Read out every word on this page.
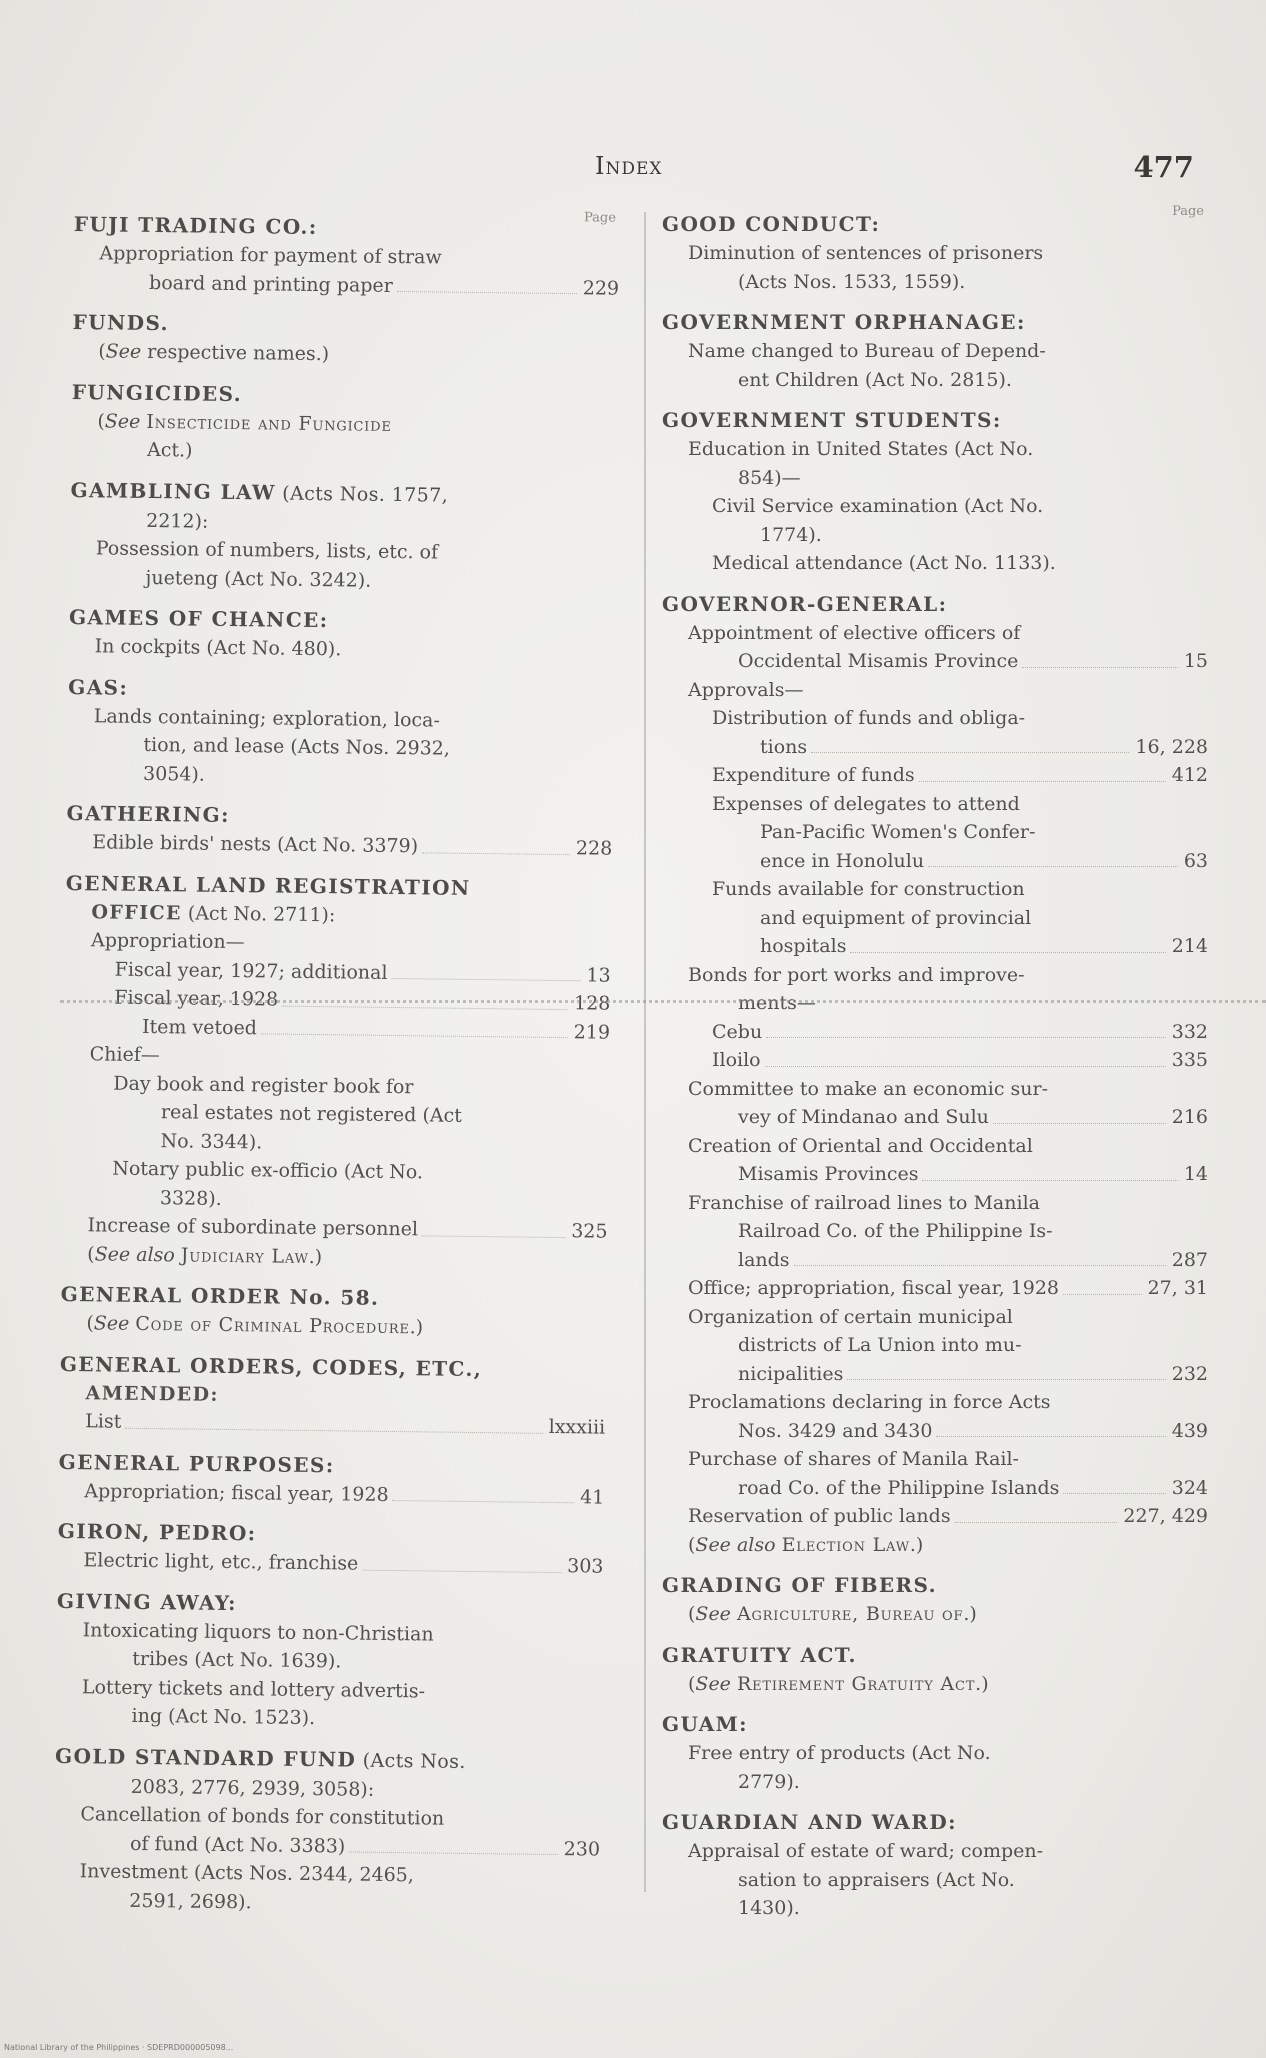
Index	477
Page
FUJI TRADING CO.:
Appropriation for payment of straw
board and printing paper	229
FUNDS.
(See respective names.)
FUNGICIDES.
(See Insecticide and Fungicide
Act.)
GAMBLING LAW (Acts Nos. 1757,
2212):
Possession of numbers, lists, etc. of
jueteng (Act No. 3242).
GAMES OF CHANCE:
In cockpits (Act No. 480).
GAS:
Lands containing; exploration, loca-
tion, and lease (Acts Nos. 2932,
3054).
GATHERING:
Edible birds' nests (Act No. 3379)	228
GENERAL LAND REGISTRATION
OFFICE (Act No. 2711):
Appropriation—
Fiscal year, 1927; additional	13
Fiscal year, 1928	128
Item vetoed	219
Chief—
Day book and register book for
real estates not registered (Act
No. 3344).
Notary public ex-officio (Act No.
3328).
Increase of subordinate personnel	325
(See also Judiciary Law.)
GENERAL ORDER No. 58.
(See Code of Criminal Procedure.)
GENERAL ORDERS, CODES, ETC.,
AMENDED:
List	lxxxiii
GENERAL PURPOSES:
Appropriation; fiscal year, 1928	41
GIRON, PEDRO:
Electric light, etc., franchise	303
GIVING AWAY:
Intoxicating liquors to non-Christian
tribes (Act No. 1639).
Lottery tickets and lottery advertis-
ing (Act No. 1523).
GOLD STANDARD FUND (Acts Nos.
2083, 2776, 2939, 3058):
Cancellation of bonds for constitution
of fund (Act No. 3383)	230
Investment (Acts Nos. 2344, 2465,
2591, 2698).
Page
GOOD CONDUCT:
Diminution of sentences of prisoners
(Acts Nos. 1533, 1559).
GOVERNMENT ORPHANAGE:
Name changed to Bureau of Depend-
ent Children (Act No. 2815).
GOVERNMENT STUDENTS:
Education in United States (Act No.
854)—
Civil Service examination (Act No.
1774).
Medical attendance (Act No. 1133).
GOVERNOR-GENERAL:
Appointment of elective officers of
Occidental Misamis Province	15
Approvals—
Distribution of funds and obliga-
tions	16, 228
Expenditure of funds	412
Expenses of delegates to attend
Pan-Pacific Women's Confer-
ence in Honolulu	63
Funds available for construction
and equipment of provincial
hospitals	214
Bonds for port works and improve-
ments—
Cebu	332
Iloilo	335
Committee to make an economic sur-
vey of Mindanao and Sulu	216
Creation of Oriental and Occidental
Misamis Provinces	14
Franchise of railroad lines to Manila
Railroad Co. of the Philippine Is-
lands	287
Office; appropriation, fiscal year, 1928	27, 31
Organization of certain municipal
districts of La Union into mu-
nicipalities	232
Proclamations declaring in force Acts
Nos. 3429 and 3430	439
Purchase of shares of Manila Rail-
road Co. of the Philippine Islands	324
Reservation of public lands	227, 429
(See also Election Law.)
GRADING OF FIBERS.
(See Agriculture, Bureau of.)
GRATUITY ACT.
(See Retirement Gratuity Act.)
GUAM:
Free entry of products (Act No.
2779).
GUARDIAN AND WARD:
Appraisal of estate of ward; compen-
sation to appraisers (Act No.
1430).
National Library of the Philippines · SDEPRD000005098...
